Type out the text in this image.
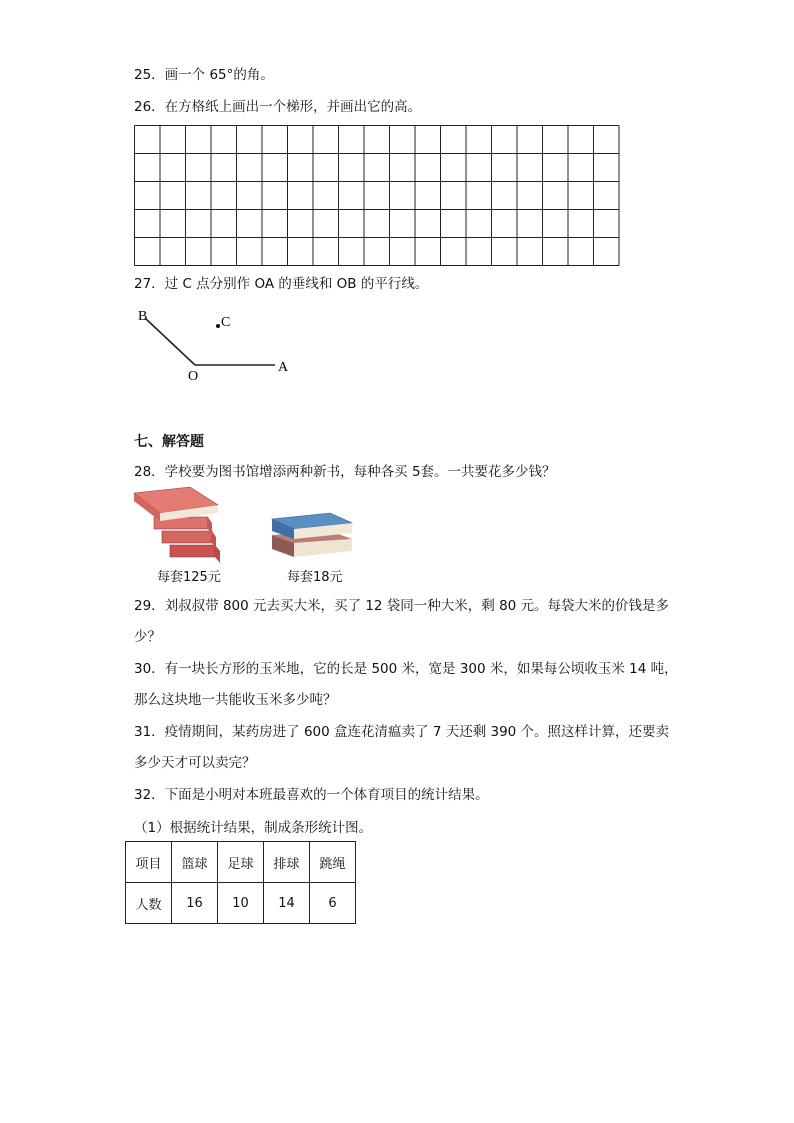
25．画一个 65°的角。
26．在方格纸上画出一个梯形，并画出它的高。
27．过 C 点分别作 OA 的垂线和 OB 的平行线。
B	C
O
A
七、解答题
28．学校要为图书馆增添两种新书，每种各买 5套。一共要花多少钱？
每套125元	每套18元
29．刘叔叔带 800 元去买大米，买了 12 袋同一种大米，剩 80 元。每袋大米的价钱是多
少？
30．有一块长方形的玉米地，它的长是 500 米，宽是 300 米，如果每公顷收玉米 14 吨，
那么这块地一共能收玉米多少吨？
31．疫情期间，某药房进了 600 盒连花清瘟卖了 7 天还剩 390 个。照这样计算，还要卖
多少天才可以卖完？
32．下面是小明对本班最喜欢的一个体育项目的统计结果。
（1）根据统计结果，制成条形统计图。
项目	篮球	足球	排球	跳绳
人数	16	10	14	6
